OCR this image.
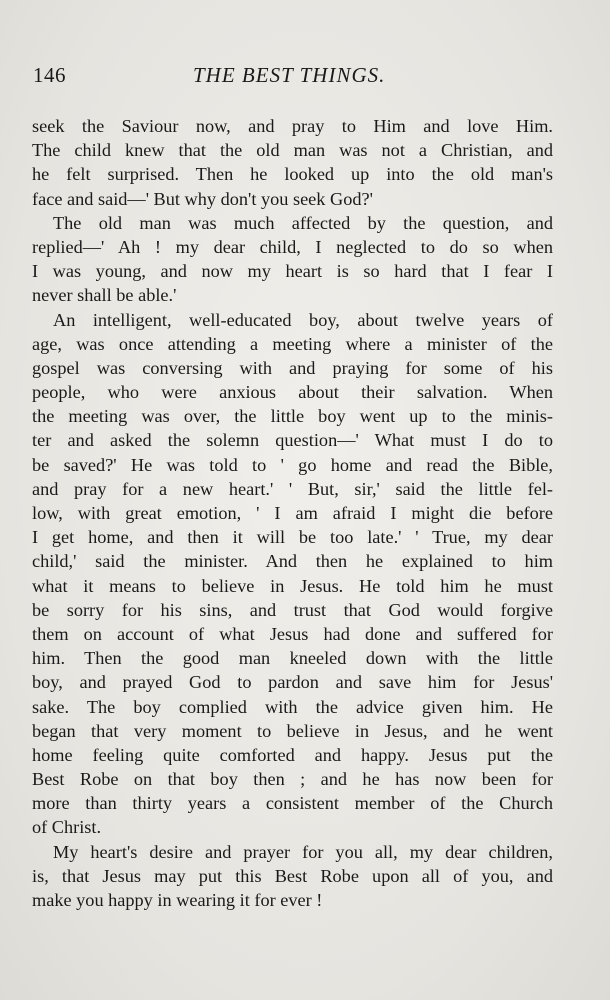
146	THE BEST THINGS.
seek the Saviour now, and pray to Him and love Him.
The child knew that the old man was not a Christian, and
he felt surprised. Then he looked up into the old man's
face and said—' But why don't you seek God?'
The old man was much affected by the question, and
replied—' Ah ! my dear child, I neglected to do so when
I was young, and now my heart is so hard that I fear I
never shall be able.'
An intelligent, well-educated boy, about twelve years of
age, was once attending a meeting where a minister of the
gospel was conversing with and praying for some of his
people, who were anxious about their salvation. When
the meeting was over, the little boy went up to the minis-
ter and asked the solemn question—' What must I do to
be saved?' He was told to ' go home and read the Bible,
and pray for a new heart.' ' But, sir,' said the little fel-
low, with great emotion, ' I am afraid I might die before
I get home, and then it will be too late.' ' True, my dear
child,' said the minister. And then he explained to him
what it means to believe in Jesus. He told him he must
be sorry for his sins, and trust that God would forgive
them on account of what Jesus had done and suffered for
him. Then the good man kneeled down with the little
boy, and prayed God to pardon and save him for Jesus'
sake. The boy complied with the advice given him. He
began that very moment to believe in Jesus, and he went
home feeling quite comforted and happy. Jesus put the
Best Robe on that boy then ; and he has now been for
more than thirty years a consistent member of the Church
of Christ.
My heart's desire and prayer for you all, my dear children,
is, that Jesus may put this Best Robe upon all of you, and
make you happy in wearing it for ever !
